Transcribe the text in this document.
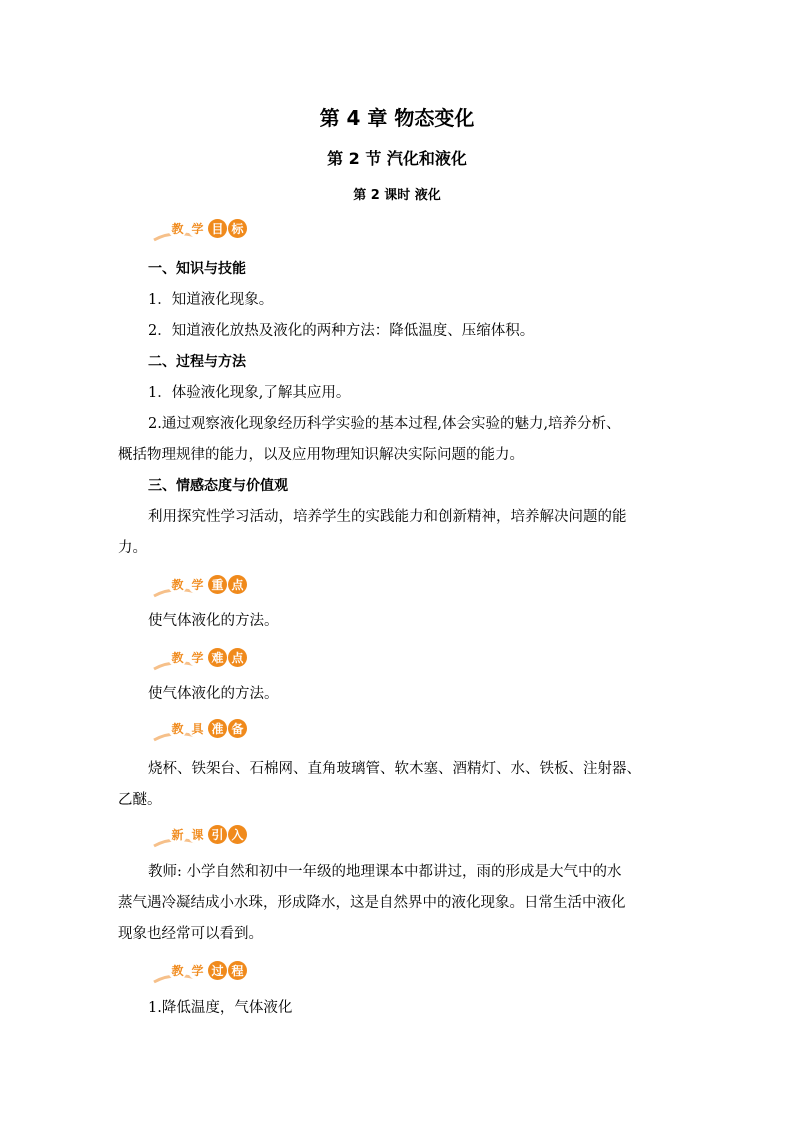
第 4 章 物态变化
第 2 节 汽化和液化
第 2 课时 液化
教 学 目 标
一、知识与技能
1．知道液化现象。
2．知道液化放热及液化的两种方法：降低温度、压缩体积。
二、过程与方法
1．体验液化现象,了解其应用。
2.通过观察液化现象经历科学实验的基本过程,体会实验的魅力,培养分析、
概括物理规律的能力，以及应用物理知识解决实际问题的能力。
三、情感态度与价值观
利用探究性学习活动，培养学生的实践能力和创新精神，培养解决问题的能
力。
教 学 重 点
使气体液化的方法。
教 学 难 点
使气体液化的方法。
教 具 准 备
烧杯、铁架台、石棉网、直角玻璃管、软木塞、酒精灯、水、铁板、注射器、
乙醚。
新 课 引 入
教师: 小学自然和初中一年级的地理课本中都讲过，雨的形成是大气中的水
蒸气遇冷凝结成小水珠，形成降水，这是自然界中的液化现象。日常生活中液化
现象也经常可以看到。
教 学 过 程
1.降低温度，气体液化
